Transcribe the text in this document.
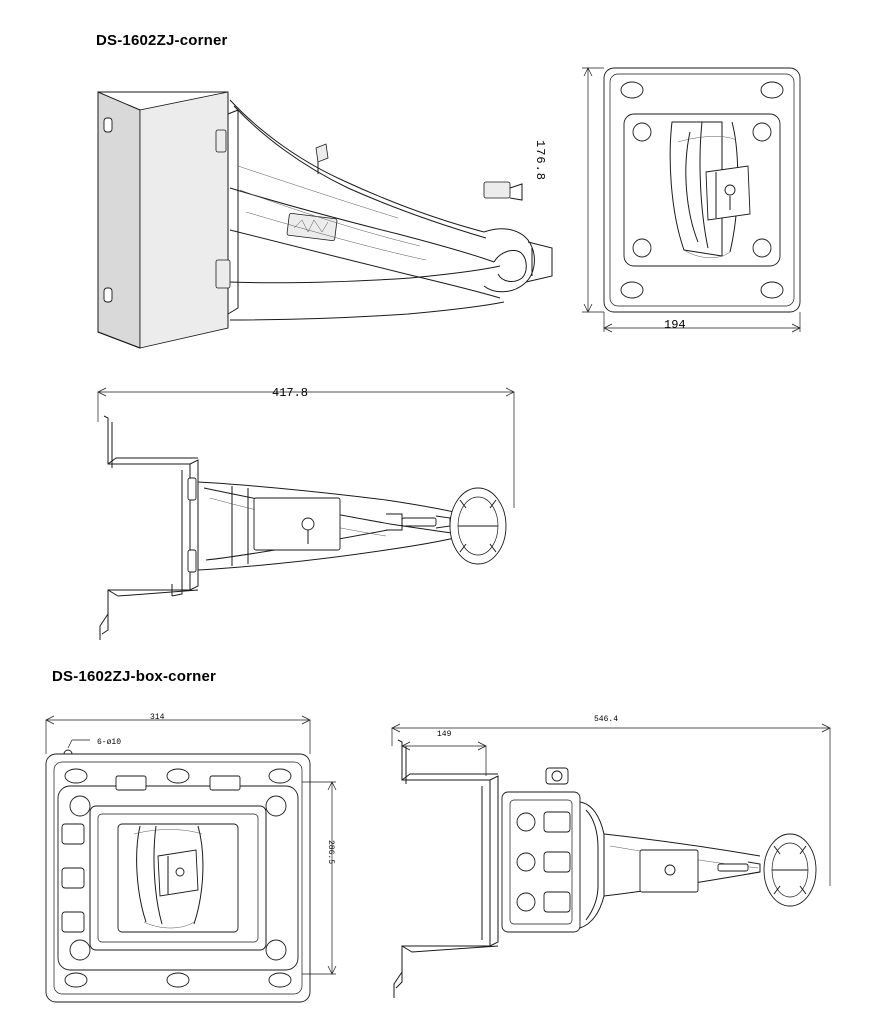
DS-1602ZJ-corner
176.8
194
417.8
DS-1602ZJ-box-corner
314
6-ø10
286.5
546.4
149
